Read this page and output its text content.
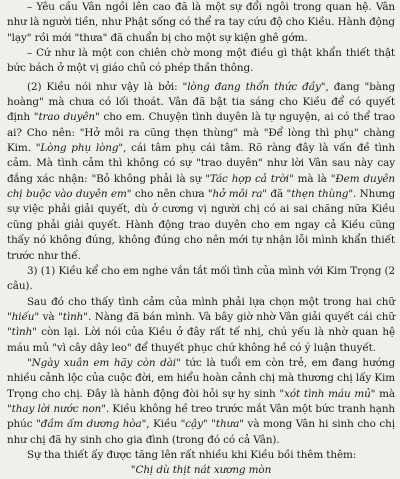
– Yêu cầu Vân ngồi lên cao đã là một sự đổi ngôi trong quan hệ. Vân như là người tiền, như Phật sống có thể ra tay cứu độ cho Kiều. Hành động "lạy" rồi mới "thưa" đã chuẩn bị cho một sự kiện ghê gớm.

– Cứ như là một con chiên chờ mong một điều gì thật khẩn thiết thật bức bách ở một vị giáo chủ có phép thần thông.

(2) Kiều nói như vậy là bởi: "lòng đang thổn thức đầy", đang "bàng hoàng" mà chưa có lối thoát. Vân đã bật tia sáng cho Kiều để có quyết định "trao duyên" cho em. Chuyện tình duyên là tự nguyện, ai có thể trao ai? Cho nên: "Hở môi ra cũng thẹn thùng" mà "Để lòng thì phụ" chàng Kim. "Lòng phụ lòng", cái tâm phụ cái tâm. Rõ ràng đây là vấn đề tình cảm. Mà tình cảm thì không có sự "trao duyên" như lời Vân sau này cay đắng xác nhận: "Bỏ không phải là sự "Tác hợp cả trời" mà là "Đem duyên chị buộc vào duyên em" cho nên chưa "hở môi ra" đã "thẹn thùng". Nhưng sự việc phải giải quyết, dù ở cương vị người chị có ai sai chăng nữa Kiều cũng phải giải quyết. Hành động trao duyên cho em ngay cả Kiều cũng thấy nó không đúng, không đúng cho nên mới tự nhận lỗi mình khẩn thiết trước như thế.

3) (1) Kiều kể cho em nghe vắn tắt mối tình của mình với Kim Trọng (2 câu).

Sau đó cho thấy tình cảm của mình phải lựa chọn một trong hai chữ "hiếu" và "tình". Nàng đã bán mình. Và bây giờ nhờ Vân giải quyết cái chữ "tình" còn lại. Lời nói của Kiều ở đây rất tế nhị, chú yếu là nhờ quan hệ máu mủ "vì cây dây leo" để thuyết phục chứ không hề có ý luận thuyết.

"Ngày xuân em hãy còn dài" tức là tuổi em còn trẻ, em đang hướng nhiều cảnh lộc của cuộc đời, em hiểu hoàn cảnh chị mà thương chị lấy Kim Trọng cho chị. Đây là hành động đòi hỏi sự hy sinh "xót tình máu mủ" mà "thay lời nước non". Kiều không hề treo trước mắt Vân một bức tranh hạnh phúc "đầm ấm dương hòa", Kiều "cậy" "thưa" và mong Vân hi sinh cho chị như chị đã hy sinh cho gia đình (trong đó có cả Vân).

Sự tha thiết ấy được tăng lên rất nhiều khi Kiều bồi thêm thêm:

"Chị dù thịt nát xương mòn
